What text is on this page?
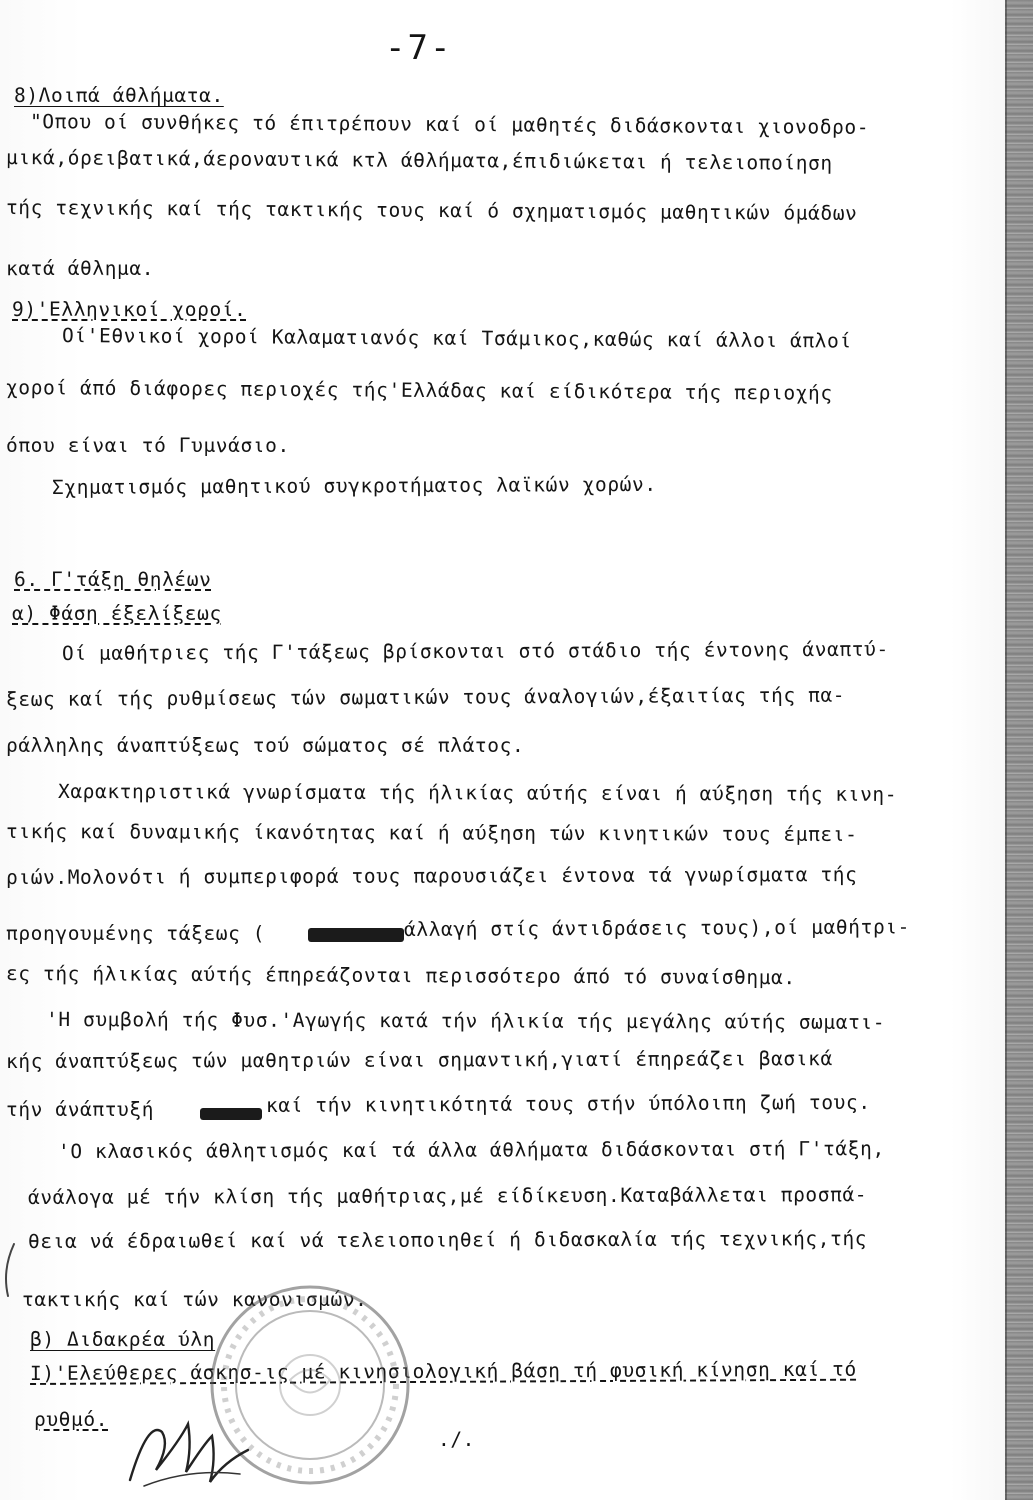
-7-
8)Λοιπά άθλήματα.
"Οπου οί συνθήκες τό έπιτρέπουν καί οί μαθητές διδάσκονται χιονοδρο-
μικά,όρειβατικά,άεροναυτικά κτλ άθλήματα,έπιδιώκεται ή τελειοποίηση
τής τεχνικής καί τής τακτικής τους καί ό σχηματισμός μαθητικών όμάδων
κατά άθλημα.
9)'Ελληνικοί χοροί.
Οί'Εθνικοί χοροί Καλαματιανός καί Τσάμικος,καθώς καί άλλοι άπλοί
χοροί άπό διάφορες περιοχές τής'Ελλάδας καί είδικότερα τής περιοχής
όπου είναι τό Γυμνάσιο.
Σχηματισμός μαθητικού συγκροτήματος λαϊκών χορών.
6. Γ'τάξη θηλέων
α) Φάση έξελίξεως
Οί μαθήτριες τής Γ'τάξεως βρίσκονται στό στάδιο τής έντονης άναπτύ-
ξεως καί τής ρυθμίσεως τών σωματικών τους άναλογιών,έξαιτίας τής πα-
ράλληλης άναπτύξεως τού σώματος σέ πλάτος.
Χαρακτηριστικά γνωρίσματα τής ήλικίας αύτής είναι ή αύξηση τής κινη-
τικής καί δυναμικής ίκανότητας καί ή αύξηση τών κινητικών τους έμπει-
ριών.Μολονότι ή συμπεριφορά τους παρουσιάζει έντονα τά γνωρίσματα τής
προηγουμένης τάξεως (	άλλαγή στίς άντιδράσεις τους),οί μαθήτρι-
ες τής ήλικίας αύτής έπηρεάζονται περισσότερο άπό τό συναίσθημα.
'Η συμβολή τής Φυσ.'Αγωγής κατά τήν ήλικία τής μεγάλης αύτής σωματι-
κής άναπτύξεως τών μαθητριών είναι σημαντική,γιατί έπηρεάζει βασικά
τήν άνάπτυξή	καί τήν κινητικότητά τους στήν ύπόλοιπη ζωή τους.
'Ο κλασικός άθλητισμός καί τά άλλα άθλήματα διδάσκονται στή Γ'τάξη,
άνάλογα μέ τήν κλίση τής μαθήτριας,μέ είδίκευση.Καταβάλλεται προσπά-
θεια νά έδραιωθεί καί νά τελειοποιηθεί ή διδασκαλία τής τεχνικής,τής
τακτικής καί τών κανονισμών.
β) Διδακρέα ύλη
I)'Ελεύθερες άσκησ-ις μέ κινησιολογική βάση τή φυσική κίνηση καί τό
ρυθμό.
./.
